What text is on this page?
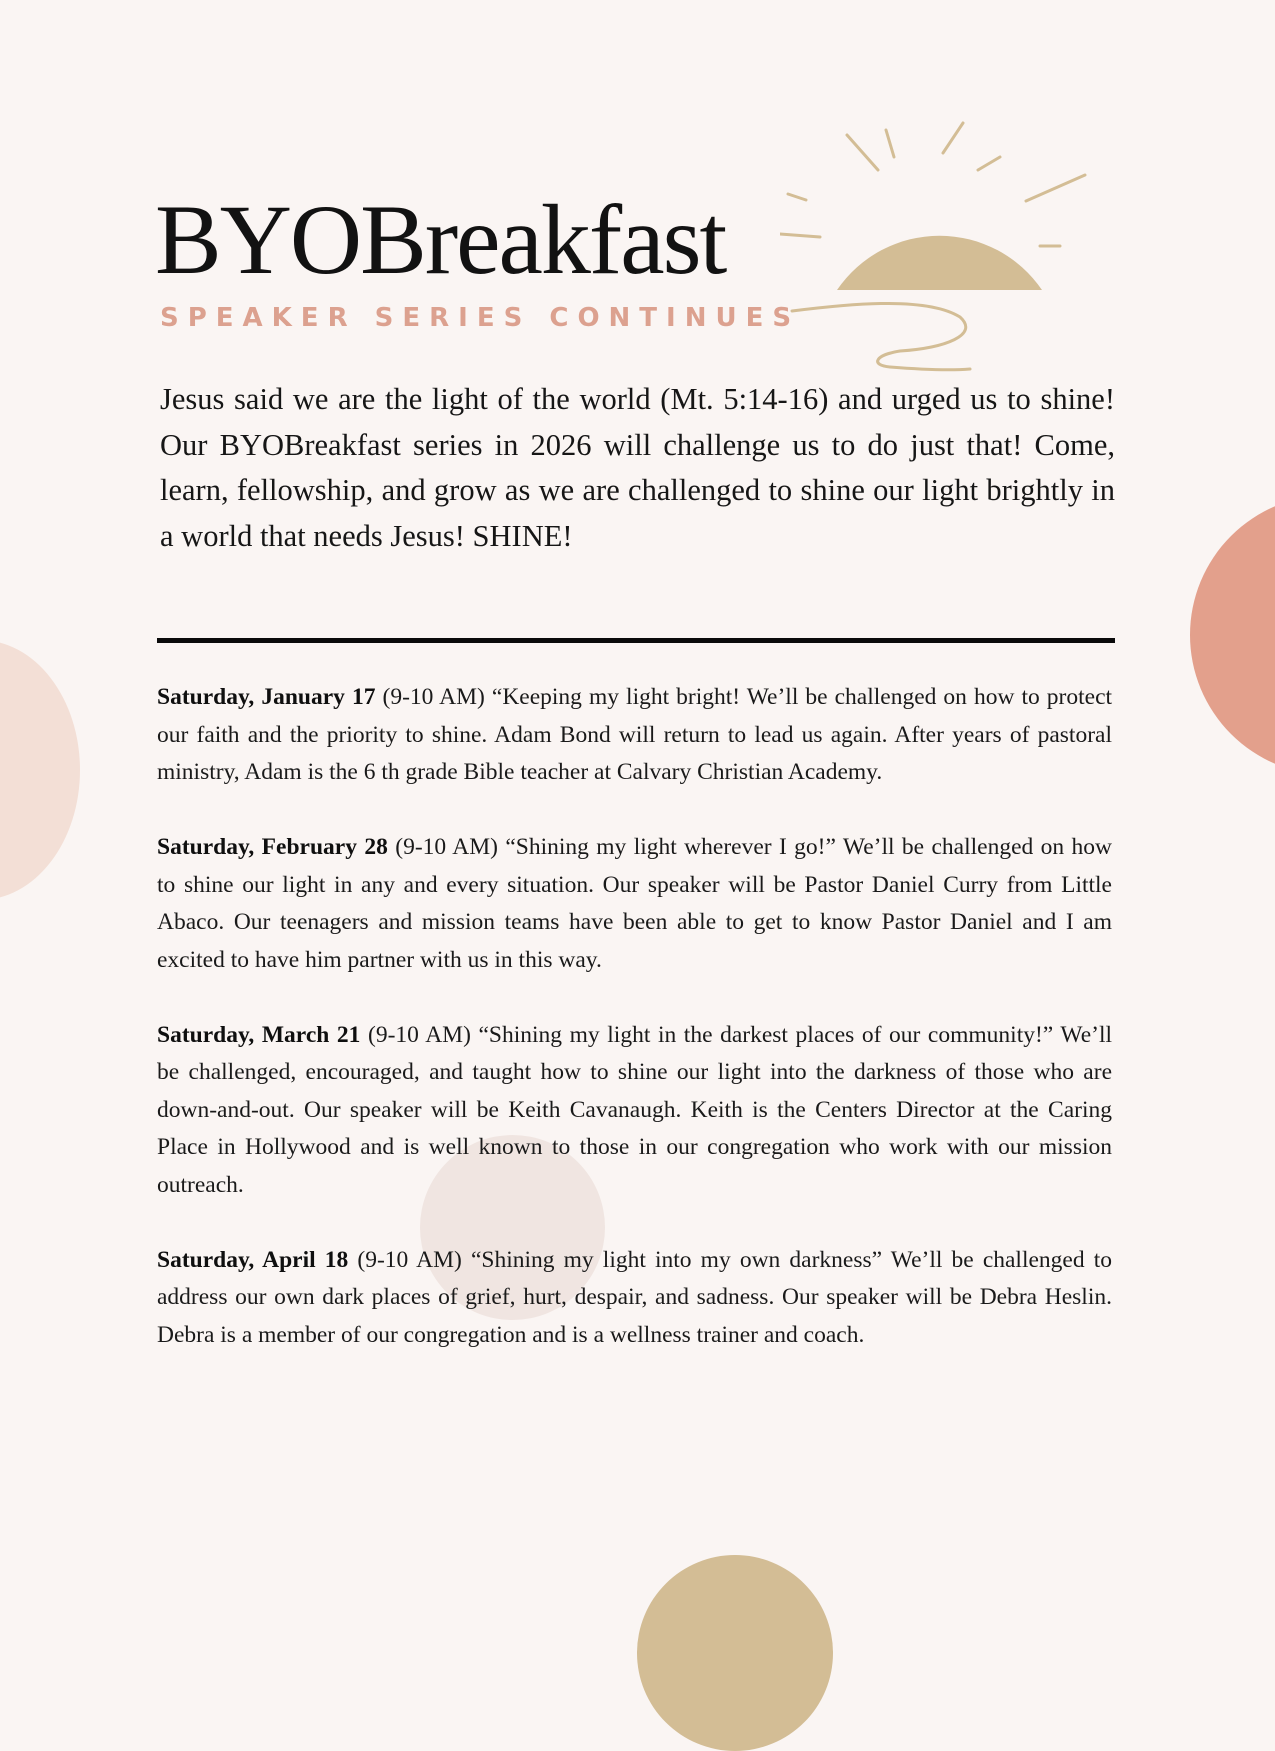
BYOBreakfast
SPEAKER SERIES CONTINUES

Jesus said we are the light of the world (Mt. 5:14-16) and urged us to shine! Our BYOBreakfast series in 2026 will challenge us to do just that! Come, learn, fellowship, and grow as we are challenged to shine our light brightly in a world that needs Jesus! SHINE!

Saturday, January 17 (9-10 AM) “Keeping my light bright! We’ll be challenged on how to protect our faith and the priority to shine. Adam Bond will return to lead us again. After years of pastoral ministry, Adam is the 6 th grade Bible teacher at Calvary Christian Academy.

Saturday, February 28 (9-10 AM) “Shining my light wherever I go!” We’ll be challenged on how to shine our light in any and every situation. Our speaker will be Pastor Daniel Curry from Little Abaco. Our teenagers and mission teams have been able to get to know Pastor Daniel and I am excited to have him partner with us in this way.

Saturday, March 21 (9-10 AM) “Shining my light in the darkest places of our community!” We’ll be challenged, encouraged, and taught how to shine our light into the darkness of those who are down-and-out. Our speaker will be Keith Cavanaugh. Keith is the Centers Director at the Caring Place in Hollywood and is well known to those in our congregation who work with our mission outreach.

Saturday, April 18 (9-10 AM) “Shining my light into my own darkness” We’ll be challenged to address our own dark places of grief, hurt, despair, and sadness. Our speaker will be Debra Heslin. Debra is a member of our congregation and is a wellness trainer and coach.
